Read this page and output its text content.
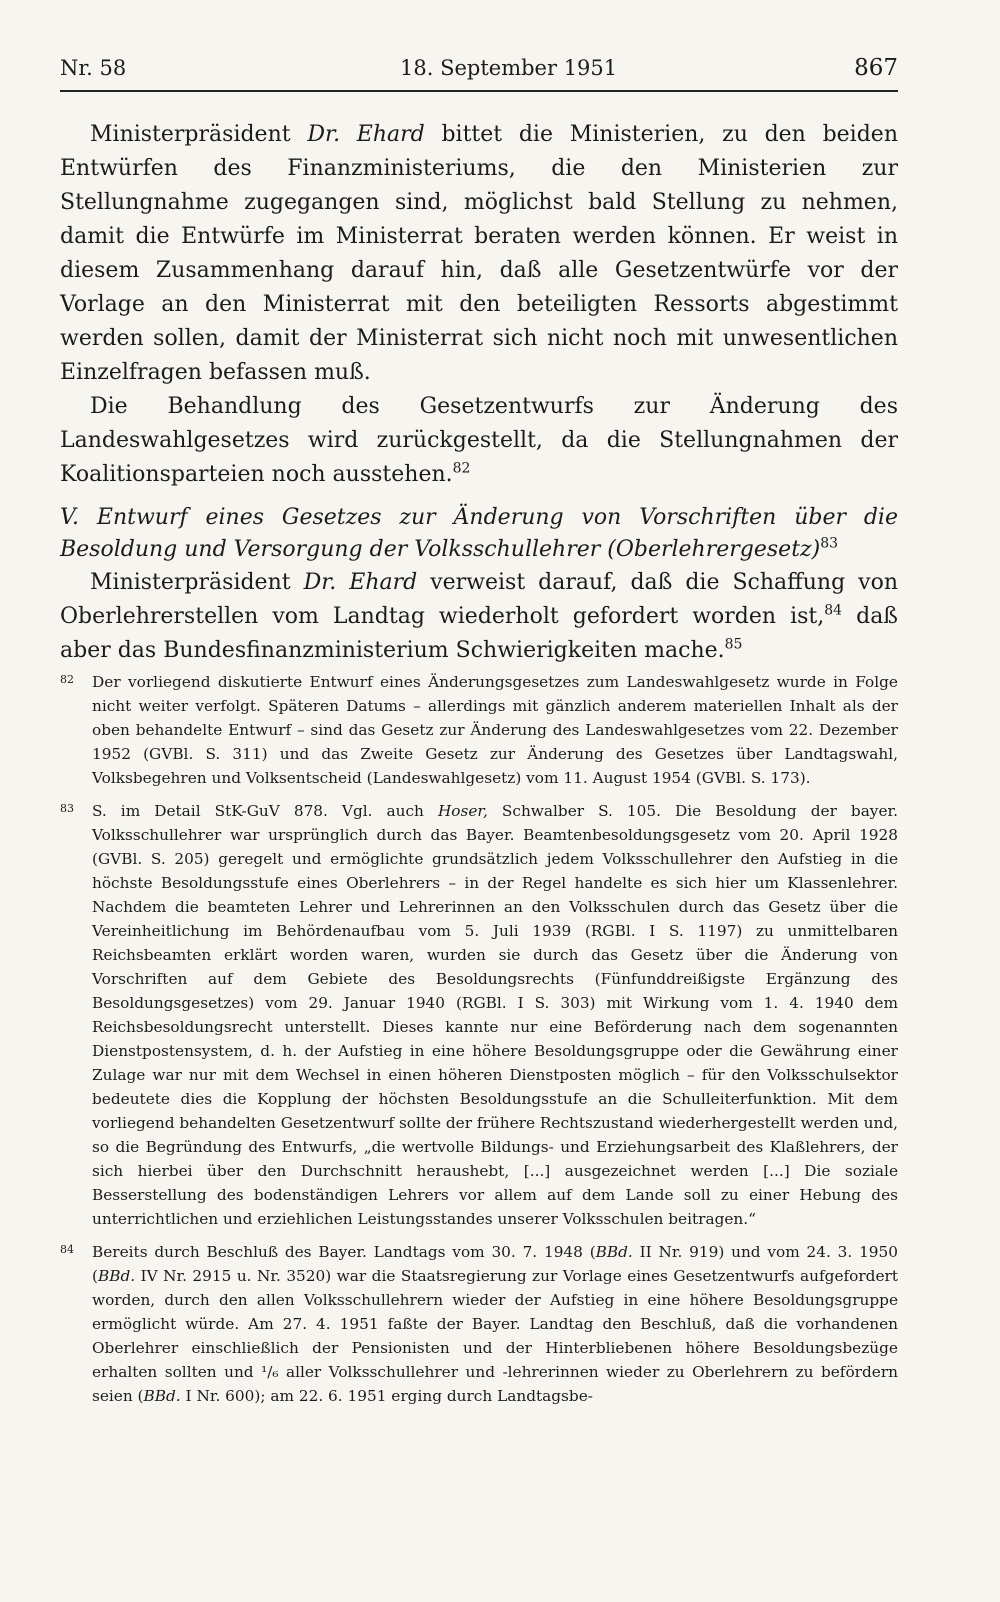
Nr. 58	18. September 1951	867

Ministerpräsident Dr. Ehard bittet die Ministerien, zu den beiden Entwürfen des Finanzministeriums, die den Ministerien zur Stellungnahme zugegangen sind, möglichst bald Stellung zu nehmen, damit die Entwürfe im Ministerrat beraten werden können. Er weist in diesem Zusammenhang darauf hin, daß alle Gesetzentwürfe vor der Vorlage an den Ministerrat mit den beteiligten Ressorts abgestimmt werden sollen, damit der Ministerrat sich nicht noch mit unwesentlichen Einzelfragen befassen muß.

Die Behandlung des Gesetzentwurfs zur Änderung des Landeswahlgesetzes wird zurückgestellt, da die Stellungnahmen der Koalitionsparteien noch ausstehen.$^{82}$

V. Entwurf eines Gesetzes zur Änderung von Vorschriften über die Besoldung und Versorgung der Volksschullehrer (Oberlehrergesetz)$^{83}$

Ministerpräsident Dr. Ehard verweist darauf, daß die Schaffung von Oberlehrerstellen vom Landtag wiederholt gefordert worden ist,$^{84}$ daß aber das Bundesfinanzministerium Schwierigkeiten mache.$^{85}$

82 Der vorliegend diskutierte Entwurf eines Änderungsgesetzes zum Landeswahlgesetz wurde in Folge nicht weiter verfolgt. Späteren Datums – allerdings mit gänzlich anderem materiellen Inhalt als der oben behandelte Entwurf – sind das Gesetz zur Änderung des Landeswahlgesetzes vom 22. Dezember 1952 (GVBl. S. 311) und das Zweite Gesetz zur Änderung des Gesetzes über Landtagswahl, Volksbegehren und Volksentscheid (Landeswahlgesetz) vom 11. August 1954 (GVBl. S. 173).
83 S. im Detail StK-GuV 878. Vgl. auch Hoser, Schwalber S. 105. Die Besoldung der bayer. Volksschullehrer war ursprünglich durch das Bayer. Beamtenbesoldungsgesetz vom 20. April 1928 (GVBl. S. 205) geregelt und ermöglichte grundsätzlich jedem Volksschullehrer den Aufstieg in die höchste Besoldungsstufe eines Oberlehrers – in der Regel handelte es sich hier um Klassenlehrer. Nachdem die beamteten Lehrer und Lehrerinnen an den Volksschulen durch das Gesetz über die Vereinheitlichung im Behördenaufbau vom 5. Juli 1939 (RGBl. I S. 1197) zu unmittelbaren Reichsbeamten erklärt worden waren, wurden sie durch das Gesetz über die Änderung von Vorschriften auf dem Gebiete des Besoldungsrechts (Fünfunddreißigste Ergänzung des Besoldungsgesetzes) vom 29. Januar 1940 (RGBl. I S. 303) mit Wirkung vom 1. 4. 1940 dem Reichsbesoldungsrecht unterstellt. Dieses kannte nur eine Beförderung nach dem sogenannten Dienstpostensystem, d. h. der Aufstieg in eine höhere Besoldungsgruppe oder die Gewährung einer Zulage war nur mit dem Wechsel in einen höheren Dienstposten möglich – für den Volksschulsektor bedeutete dies die Kopplung der höchsten Besoldungsstufe an die Schulleiterfunktion. Mit dem vorliegend behandelten Gesetzentwurf sollte der frühere Rechtszustand wiederhergestellt werden und, so die Begründung des Entwurfs, „die wertvolle Bildungs- und Erziehungsarbeit des Klaßlehrers, der sich hierbei über den Durchschnitt heraushebt, [...] ausgezeichnet werden [...] Die soziale Besserstellung des bodenständigen Lehrers vor allem auf dem Lande soll zu einer Hebung des unterrichtlichen und erziehlichen Leistungsstandes unserer Volksschulen beitragen.“
84 Bereits durch Beschluß des Bayer. Landtags vom 30. 7. 1948 (BBd. II Nr. 919) und vom 24. 3. 1950 (BBd. IV Nr. 2915 u. Nr. 3520) war die Staatsregierung zur Vorlage eines Gesetzentwurfs aufgefordert worden, durch den allen Volksschullehrern wieder der Aufstieg in eine höhere Besoldungsgruppe ermöglicht würde. Am 27. 4. 1951 faßte der Bayer. Landtag den Beschluß, daß die vorhandenen Oberlehrer einschließlich der Pensionisten und der Hinterbliebenen höhere Besoldungsbezüge erhalten sollten und ¹/₆ aller Volksschullehrer und -lehrerinnen wieder zu Oberlehrern zu befördern seien (BBd. I Nr. 600); am 22. 6. 1951 erging durch Landtagsbe-
